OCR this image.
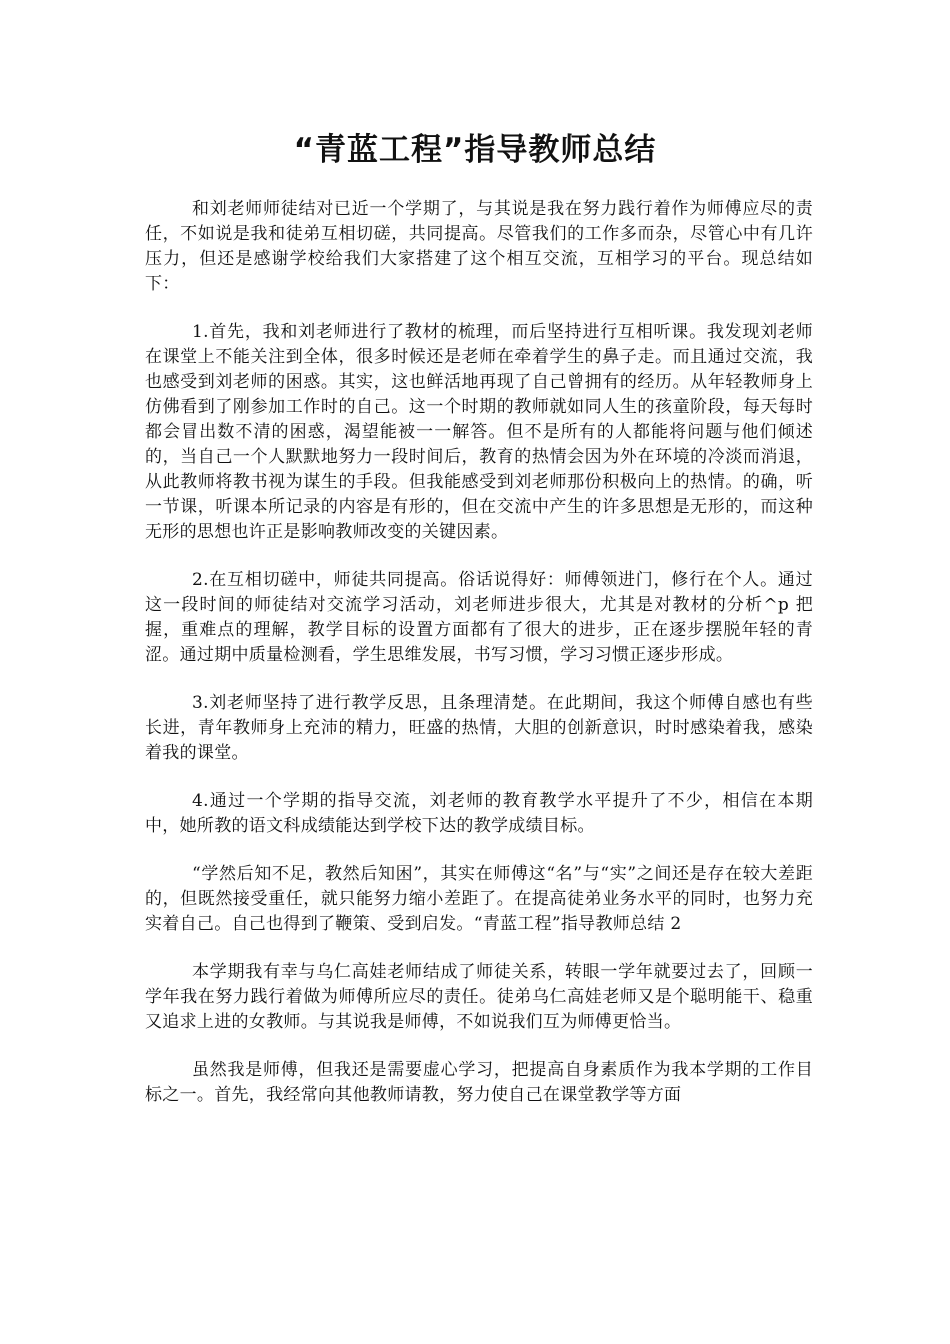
“青蓝工程”指导教师总结

和刘老师师徒结对已近一个学期了，与其说是我在努力践行着作为师傅应尽的责任，不如说是我和徒弟互相切磋，共同提高。尽管我们的工作多而杂，尽管心中有几许压力，但还是感谢学校给我们大家搭建了这个相互交流，互相学习的平台。现总结如下：

1.首先，我和刘老师进行了教材的梳理，而后坚持进行互相听课。我发现刘老师在课堂上不能关注到全体，很多时候还是老师在牵着学生的鼻子走。而且通过交流，我也感受到刘老师的困惑。其实，这也鲜活地再现了自己曾拥有的经历。从年轻教师身上仿佛看到了刚参加工作时的自己。这一个时期的教师就如同人生的孩童阶段，每天每时都会冒出数不清的困惑，渴望能被一一解答。但不是所有的人都能将问题与他们倾述的，当自己一个人默默地努力一段时间后，教育的热情会因为外在环境的冷淡而消退，从此教师将教书视为谋生的手段。但我能感受到刘老师那份积极向上的热情。的确，听一节课，听课本所记录的内容是有形的，但在交流中产生的许多思想是无形的，而这种无形的思想也许正是影响教师改变的关键因素。

2.在互相切磋中，师徒共同提高。俗话说得好：师傅领进门，修行在个人。通过这一段时间的师徒结对交流学习活动，刘老师进步很大，尤其是对教材的分析^p 把握，重难点的理解，教学目标的设置方面都有了很大的进步，正在逐步摆脱年轻的青涩。通过期中质量检测看，学生思维发展，书写习惯，学习习惯正逐步形成。

3.刘老师坚持了进行教学反思，且条理清楚。在此期间，我这个师傅自感也有些长进，青年教师身上充沛的精力，旺盛的热情，大胆的创新意识，时时感染着我，感染着我的课堂。

4.通过一个学期的指导交流，刘老师的教育教学水平提升了不少，相信在本期中，她所教的语文科成绩能达到学校下达的教学成绩目标。

“学然后知不足，教然后知困”，其实在师傅这“名”与“实”之间还是存在较大差距的，但既然接受重任，就只能努力缩小差距了。在提高徒弟业务水平的同时，也努力充实着自己。自己也得到了鞭策、受到启发。“青蓝工程”指导教师总结 2

本学期我有幸与乌仁高娃老师结成了师徒关系，转眼一学年就要过去了，回顾一学年我在努力践行着做为师傅所应尽的责任。徒弟乌仁高娃老师又是个聪明能干、稳重又追求上进的女教师。与其说我是师傅，不如说我们互为师傅更恰当。

虽然我是师傅，但我还是需要虚心学习，把提高自身素质作为我本学期的工作目标之一。首先，我经常向其他教师请教，努力使自己在课堂教学等方面
